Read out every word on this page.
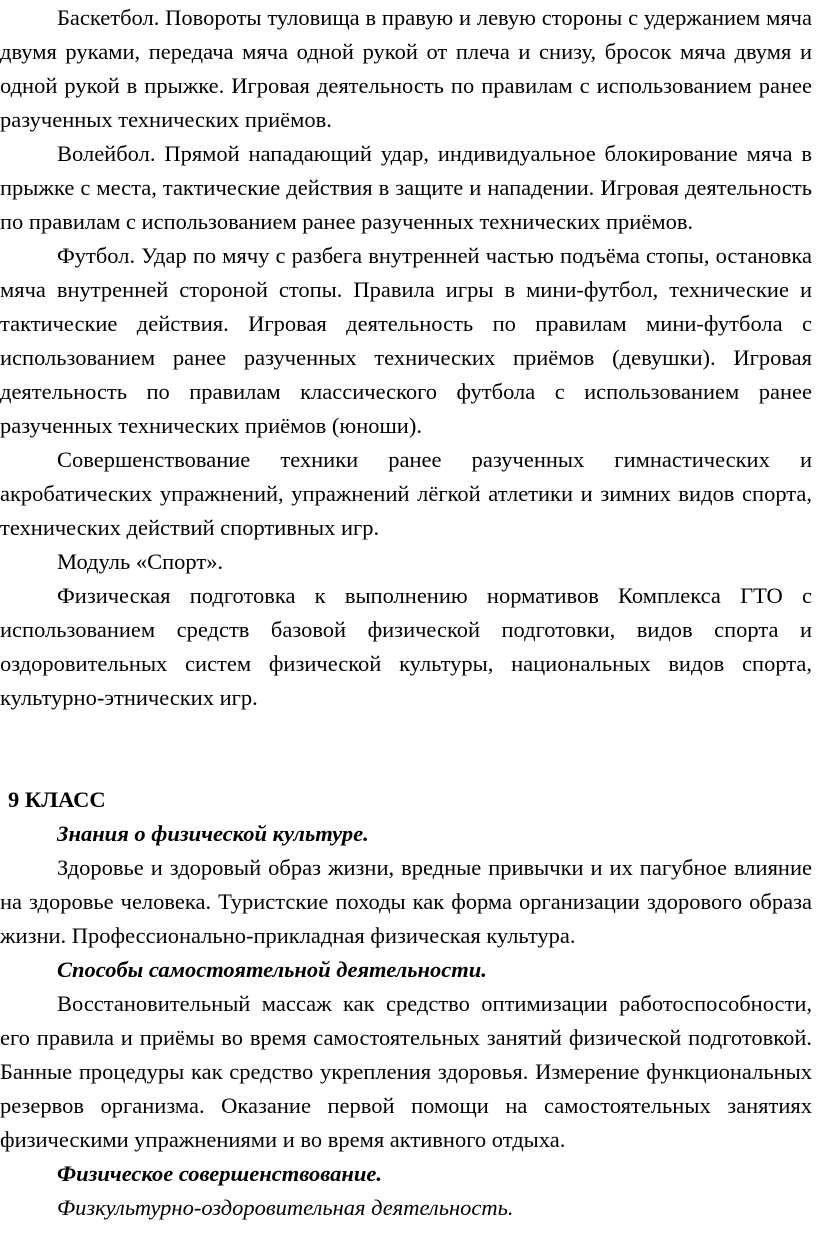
Баскетбол. Повороты туловища в правую и левую стороны с удержанием мяча двумя руками, передача мяча одной рукой от плеча и снизу, бросок мяча двумя и одной рукой в прыжке. Игровая деятельность по правилам с использованием ранее разученных технических приёмов.

Волейбол. Прямой нападающий удар, индивидуальное блокирование мяча в прыжке с места, тактические действия в защите и нападении. Игровая деятельность по правилам с использованием ранее разученных технических приёмов.

Футбол. Удар по мячу с разбега внутренней частью подъёма стопы, остановка мяча внутренней стороной стопы. Правила игры в мини-футбол, технические и тактические действия. Игровая деятельность по правилам мини-футбола с использованием ранее разученных технических приёмов (девушки). Игровая деятельность по правилам классического футбола с использованием ранее разученных технических приёмов (юноши).

Совершенствование техники ранее разученных гимнастических и акробатических упражнений, упражнений лёгкой атлетики и зимних видов спорта, технических действий спортивных игр.

Модуль «Спорт».

Физическая подготовка к выполнению нормативов Комплекса ГТО с использованием средств базовой физической подготовки, видов спорта и оздоровительных систем физической культуры, национальных видов спорта, культурно-этнических игр.

9 КЛАСС

Знания о физической культуре.

Здоровье и здоровый образ жизни, вредные привычки и их пагубное влияние на здоровье человека. Туристские походы как форма организации здорового образа жизни. Профессионально-прикладная физическая культура.

Способы самостоятельной деятельности.

Восстановительный массаж как средство оптимизации работоспособности, его правила и приёмы во время самостоятельных занятий физической подготовкой. Банные процедуры как средство укрепления здоровья. Измерение функциональных резервов организма. Оказание первой помощи на самостоятельных занятиях физическими упражнениями и во время активного отдыха.

Физическое совершенствование.

Физкультурно-оздоровительная деятельность.
